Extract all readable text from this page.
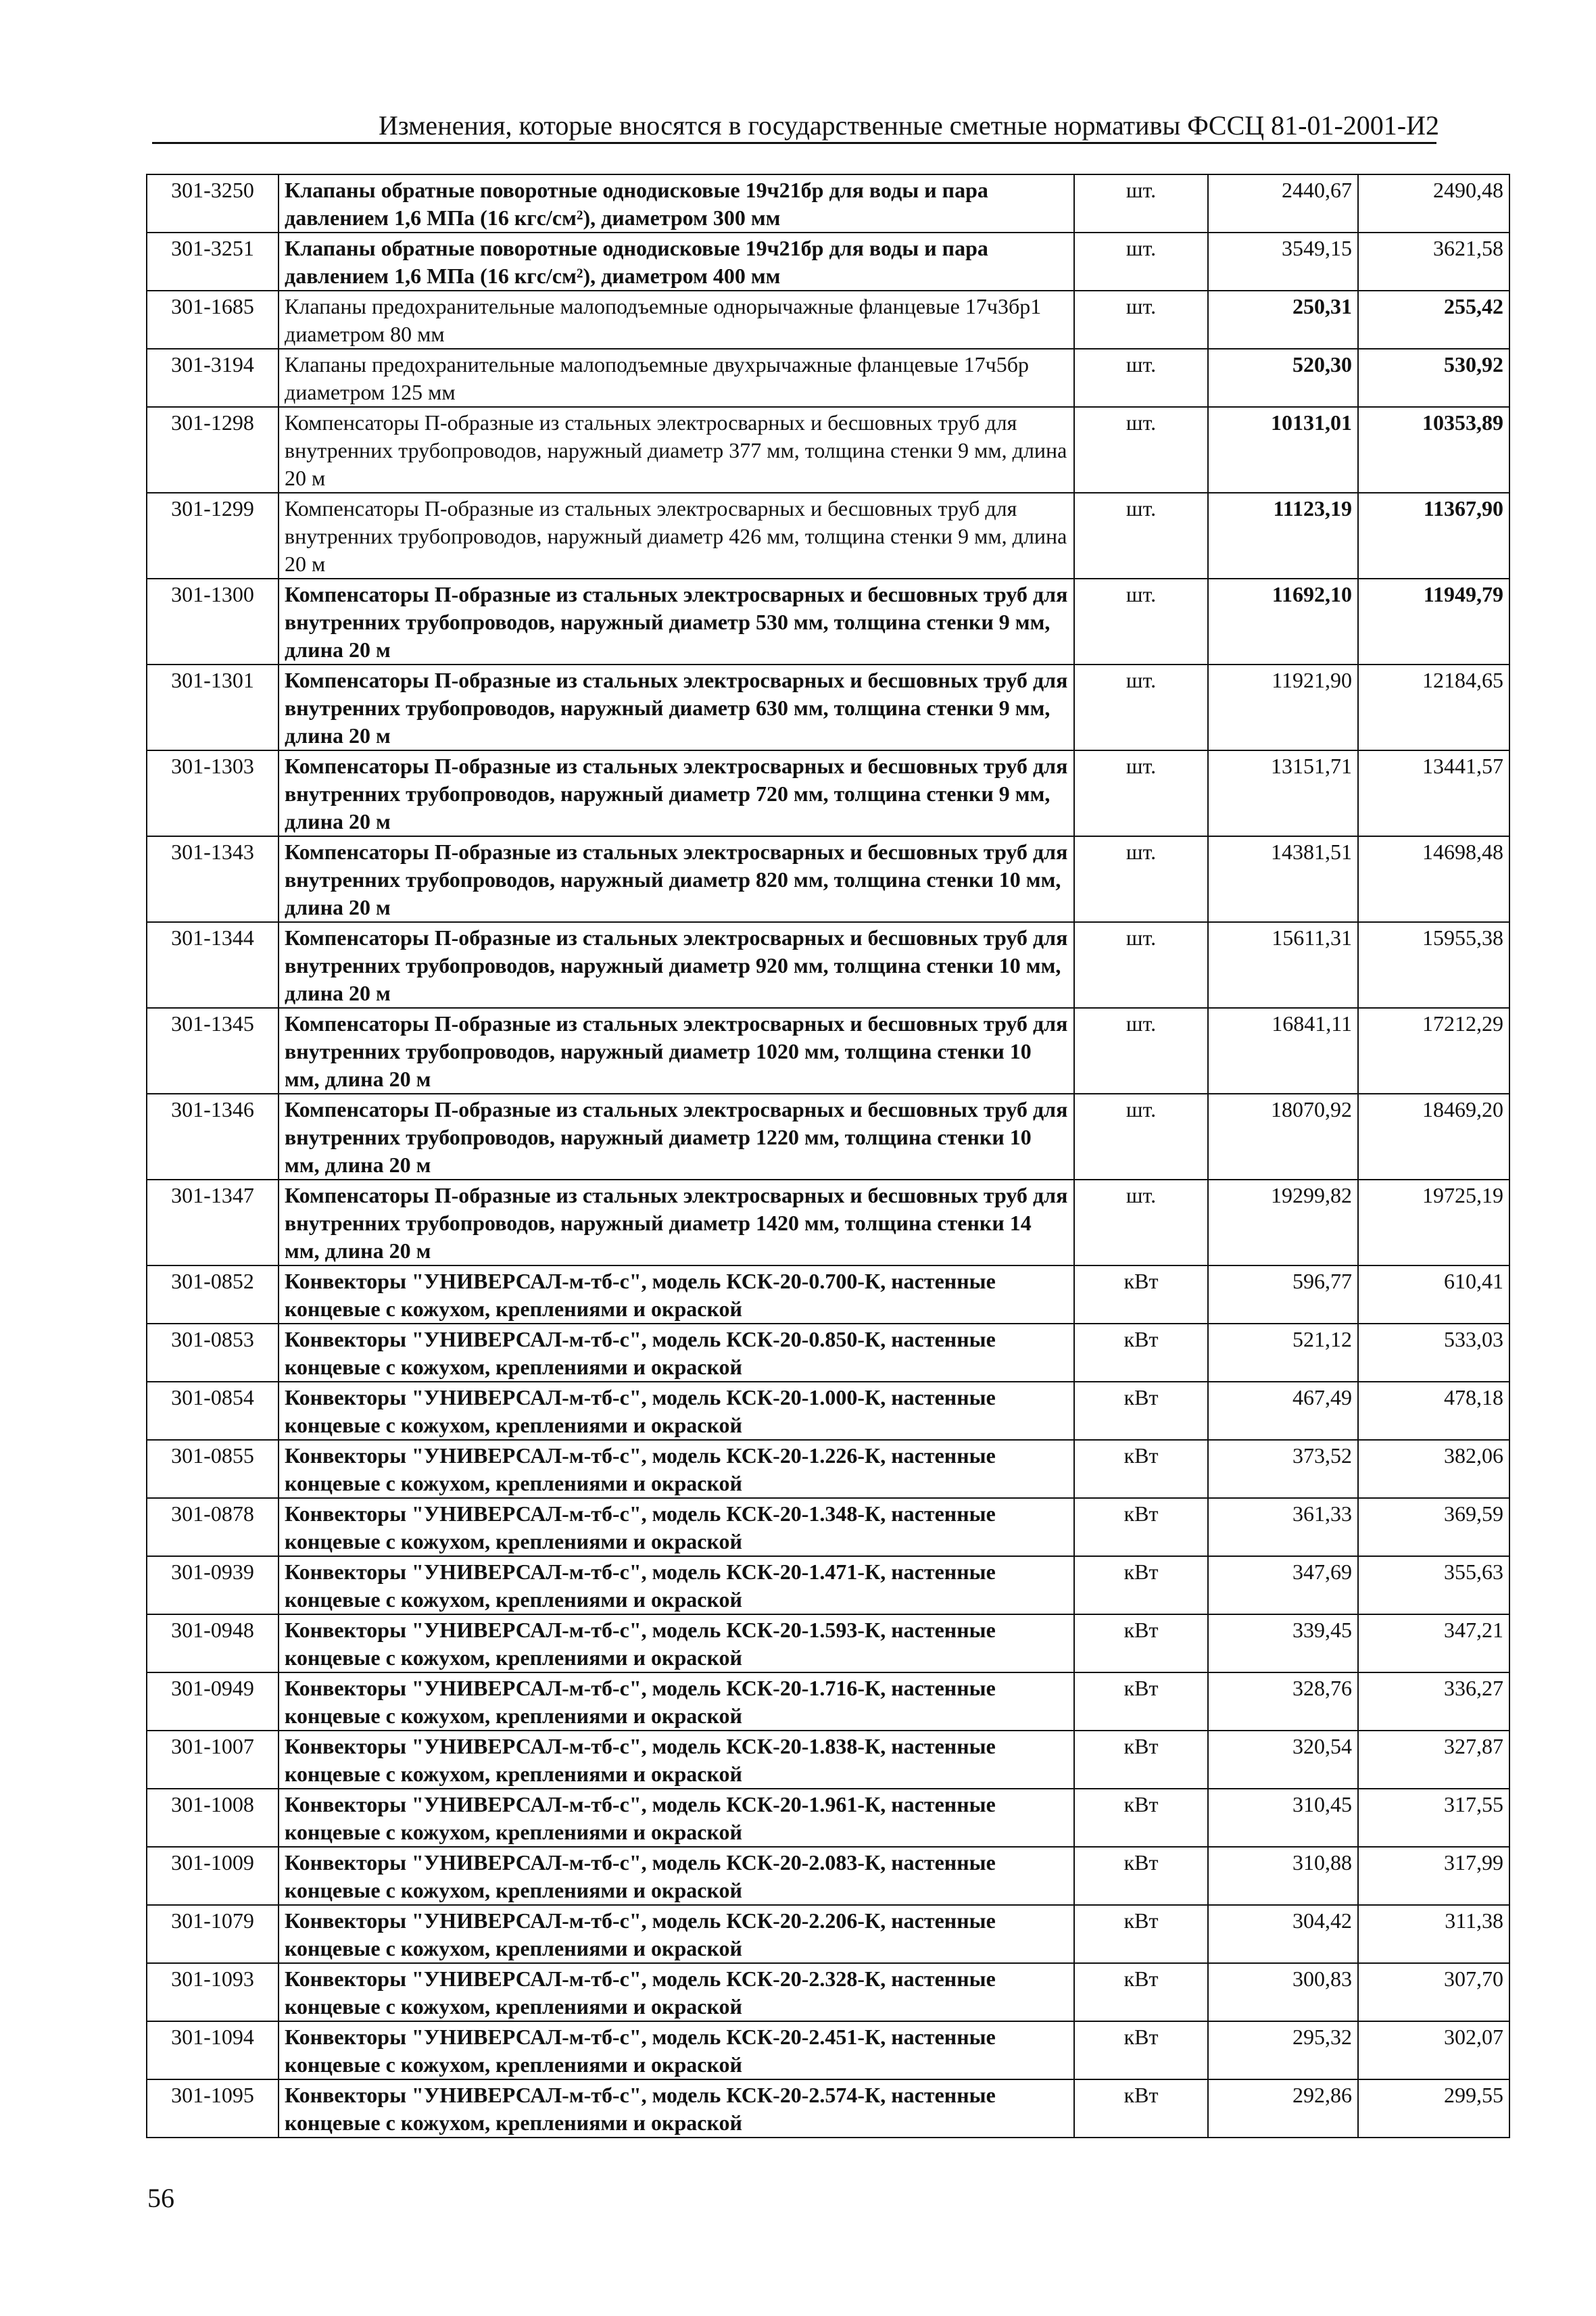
Изменения, которые вносятся в государственные сметные нормативы ФССЦ 81-01-2001-И2
301-3250	Клапаны обратные поворотные однодисковые 19ч21бр для воды и пара давлением 1,6 МПа (16 кгс/см²), диаметром 300 мм	шт.	2440,67	2490,48
301-3251	Клапаны обратные поворотные однодисковые 19ч21бр для воды и пара давлением 1,6 МПа (16 кгс/см²), диаметром 400 мм	шт.	3549,15	3621,58
301-1685	Клапаны предохранительные малоподъемные однорычажные фланцевые 17ч3бр1 диаметром 80 мм	шт.	250,31	255,42
301-3194	Клапаны предохранительные малоподъемные двухрычажные фланцевые 17ч5бр диаметром 125 мм	шт.	520,30	530,92
301-1298	Компенсаторы П-образные из стальных электросварных и бесшовных труб для внутренних трубопроводов, наружный диаметр 377 мм, толщина стенки 9 мм, длина 20 м	шт.	10131,01	10353,89
301-1299	Компенсаторы П-образные из стальных электросварных и бесшовных труб для внутренних трубопроводов, наружный диаметр 426 мм, толщина стенки 9 мм, длина 20 м	шт.	11123,19	11367,90
301-1300	Компенсаторы П-образные из стальных электросварных и бесшовных труб для внутренних трубопроводов, наружный диаметр 530 мм, толщина стенки 9 мм, длина 20 м	шт.	11692,10	11949,79
301-1301	Компенсаторы П-образные из стальных электросварных и бесшовных труб для внутренних трубопроводов, наружный диаметр 630 мм, толщина стенки 9 мм, длина 20 м	шт.	11921,90	12184,65
301-1303	Компенсаторы П-образные из стальных электросварных и бесшовных труб для внутренних трубопроводов, наружный диаметр 720 мм, толщина стенки 9 мм, длина 20 м	шт.	13151,71	13441,57
301-1343	Компенсаторы П-образные из стальных электросварных и бесшовных труб для внутренних трубопроводов, наружный диаметр 820 мм, толщина стенки 10 мм, длина 20 м	шт.	14381,51	14698,48
301-1344	Компенсаторы П-образные из стальных электросварных и бесшовных труб для внутренних трубопроводов, наружный диаметр 920 мм, толщина стенки 10 мм, длина 20 м	шт.	15611,31	15955,38
301-1345	Компенсаторы П-образные из стальных электросварных и бесшовных труб для внутренних трубопроводов, наружный диаметр 1020 мм, толщина стенки 10 мм, длина 20 м	шт.	16841,11	17212,29
301-1346	Компенсаторы П-образные из стальных электросварных и бесшовных труб для внутренних трубопроводов, наружный диаметр 1220 мм, толщина стенки 10 мм, длина 20 м	шт.	18070,92	18469,20
301-1347	Компенсаторы П-образные из стальных электросварных и бесшовных труб для внутренних трубопроводов, наружный диаметр 1420 мм, толщина стенки 14 мм, длина 20 м	шт.	19299,82	19725,19
301-0852	Конвекторы "УНИВЕРСАЛ-м-тб-с", модель КСК-20-0.700-К, настенные концевые с кожухом, креплениями и окраской	кВт	596,77	610,41
301-0853	Конвекторы "УНИВЕРСАЛ-м-тб-с", модель КСК-20-0.850-К, настенные концевые с кожухом, креплениями и окраской	кВт	521,12	533,03
301-0854	Конвекторы "УНИВЕРСАЛ-м-тб-с", модель КСК-20-1.000-К, настенные концевые с кожухом, креплениями и окраской	кВт	467,49	478,18
301-0855	Конвекторы "УНИВЕРСАЛ-м-тб-с", модель КСК-20-1.226-К, настенные концевые с кожухом, креплениями и окраской	кВт	373,52	382,06
301-0878	Конвекторы "УНИВЕРСАЛ-м-тб-с", модель КСК-20-1.348-К, настенные концевые с кожухом, креплениями и окраской	кВт	361,33	369,59
301-0939	Конвекторы "УНИВЕРСАЛ-м-тб-с", модель КСК-20-1.471-К, настенные концевые с кожухом, креплениями и окраской	кВт	347,69	355,63
301-0948	Конвекторы "УНИВЕРСАЛ-м-тб-с", модель КСК-20-1.593-К, настенные концевые с кожухом, креплениями и окраской	кВт	339,45	347,21
301-0949	Конвекторы "УНИВЕРСАЛ-м-тб-с", модель КСК-20-1.716-К, настенные концевые с кожухом, креплениями и окраской	кВт	328,76	336,27
301-1007	Конвекторы "УНИВЕРСАЛ-м-тб-с", модель КСК-20-1.838-К, настенные концевые с кожухом, креплениями и окраской	кВт	320,54	327,87
301-1008	Конвекторы "УНИВЕРСАЛ-м-тб-с", модель КСК-20-1.961-К, настенные концевые с кожухом, креплениями и окраской	кВт	310,45	317,55
301-1009	Конвекторы "УНИВЕРСАЛ-м-тб-с", модель КСК-20-2.083-К, настенные концевые с кожухом, креплениями и окраской	кВт	310,88	317,99
301-1079	Конвекторы "УНИВЕРСАЛ-м-тб-с", модель КСК-20-2.206-К, настенные концевые с кожухом, креплениями и окраской	кВт	304,42	311,38
301-1093	Конвекторы "УНИВЕРСАЛ-м-тб-с", модель КСК-20-2.328-К, настенные концевые с кожухом, креплениями и окраской	кВт	300,83	307,70
301-1094	Конвекторы "УНИВЕРСАЛ-м-тб-с", модель КСК-20-2.451-К, настенные концевые с кожухом, креплениями и окраской	кВт	295,32	302,07
301-1095	Конвекторы "УНИВЕРСАЛ-м-тб-с", модель КСК-20-2.574-К, настенные концевые с кожухом, креплениями и окраской	кВт	292,86	299,55
56
